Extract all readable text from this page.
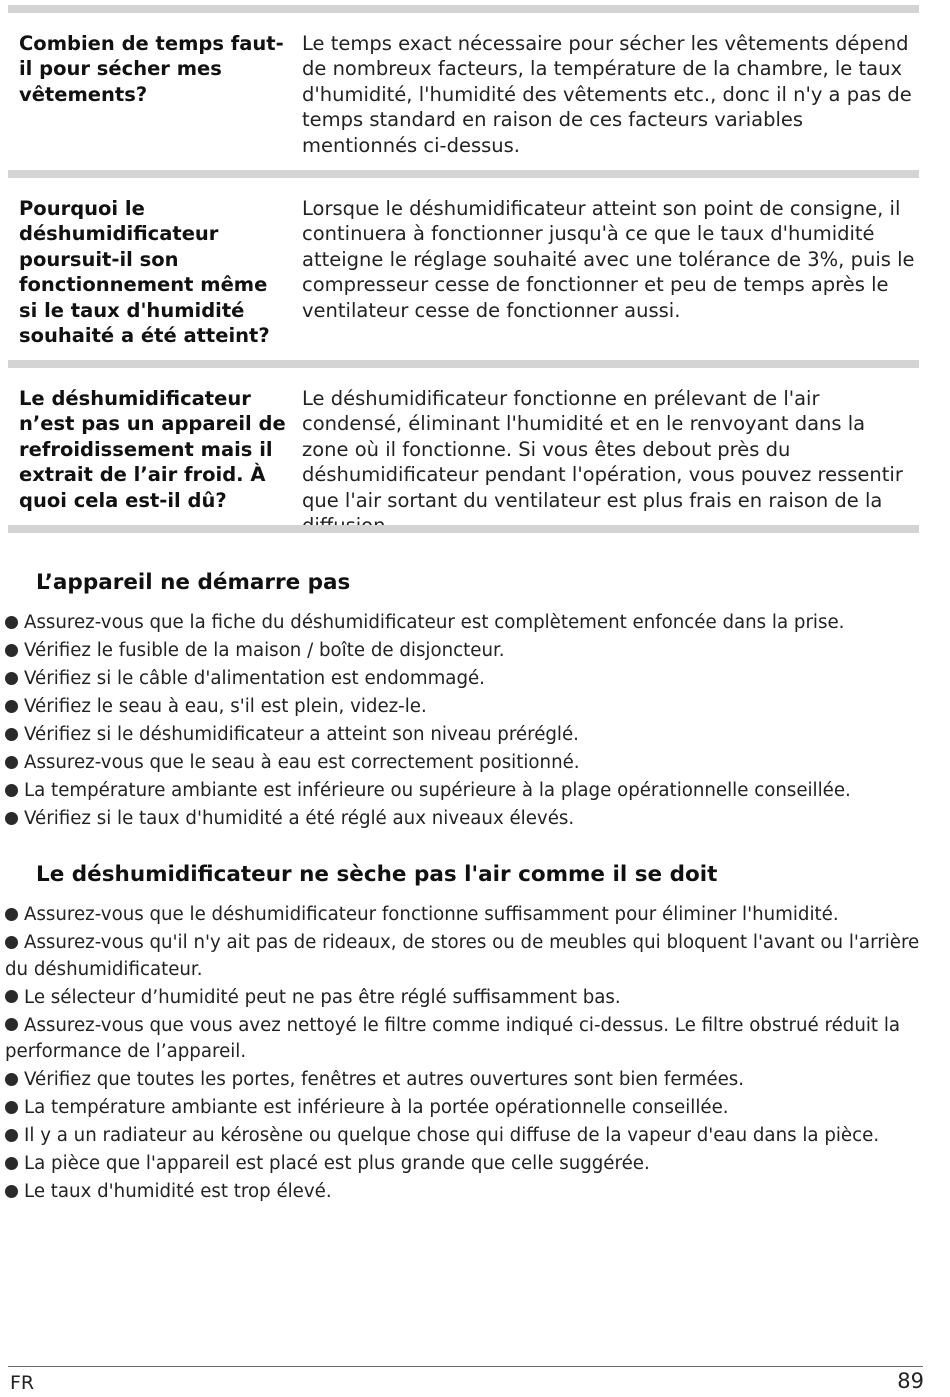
Combien de temps faut-il pour sécher mes vêtements?
Le temps exact nécessaire pour sécher les vêtements dépend de nombreux facteurs, la température de la chambre, le taux d'humidité, l'humidité des vêtements etc., donc il n'y a pas de temps standard en raison de ces facteurs variables mentionnés ci-dessus.
Pourquoi le déshumidificateur poursuit-il son fonctionnement même si le taux d'humidité souhaité a été atteint?
Lorsque le déshumidificateur atteint son point de consigne, il continuera à fonctionner jusqu'à ce que le taux d'humidité atteigne le réglage souhaité avec une tolérance de 3%, puis le compresseur cesse de fonctionner et peu de temps après le ventilateur cesse de fonctionner aussi.
Le déshumidificateur n’est pas un appareil de refroidissement mais il extrait de l’air froid. À quoi cela est-il dû?
Le déshumidificateur fonctionne en prélevant de l'air condensé, éliminant l'humidité et en le renvoyant dans la zone où il fonctionne. Si vous êtes debout près du déshumidificateur pendant l'opération, vous pouvez ressentir que l'air sortant du ventilateur est plus frais en raison de la
L’appareil ne démarre pas
Assurez-vous que la fiche du déshumidificateur est complètement enfoncée dans la prise.
Vérifiez le fusible de la maison / boîte de disjoncteur.
Vérifiez si le câble d'alimentation est endommagé.
Vérifiez le seau à eau, s'il est plein, videz-le.
Vérifiez si le déshumidificateur a atteint son niveau préréglé.
Assurez-vous que le seau à eau est correctement positionné.
La température ambiante est inférieure ou supérieure à la plage opérationnelle conseillée.
Vérifiez si le taux d'humidité a été réglé aux niveaux élevés.
Le déshumidificateur ne sèche pas l'air comme il se doit
Assurez-vous que le déshumidificateur fonctionne suffisamment pour éliminer l'humidité.
Assurez-vous qu'il n'y ait pas de rideaux, de stores ou de meubles qui bloquent l'avant ou l'arrière du déshumidificateur.
Le sélecteur d’humidité peut ne pas être réglé suffisamment bas.
Assurez-vous que vous avez nettoyé le filtre comme indiqué ci-dessus. Le filtre obstrué réduit la performance de l’appareil.
Vérifiez que toutes les portes, fenêtres et autres ouvertures sont bien fermées.
La température ambiante est inférieure à la portée opérationnelle conseillée.
Il y a un radiateur au kérosène ou quelque chose qui diffuse de la vapeur d'eau dans la pièce.
La pièce que l'appareil est placé est plus grande que celle suggérée.
Le taux d'humidité est trop élevé.
FR	89
